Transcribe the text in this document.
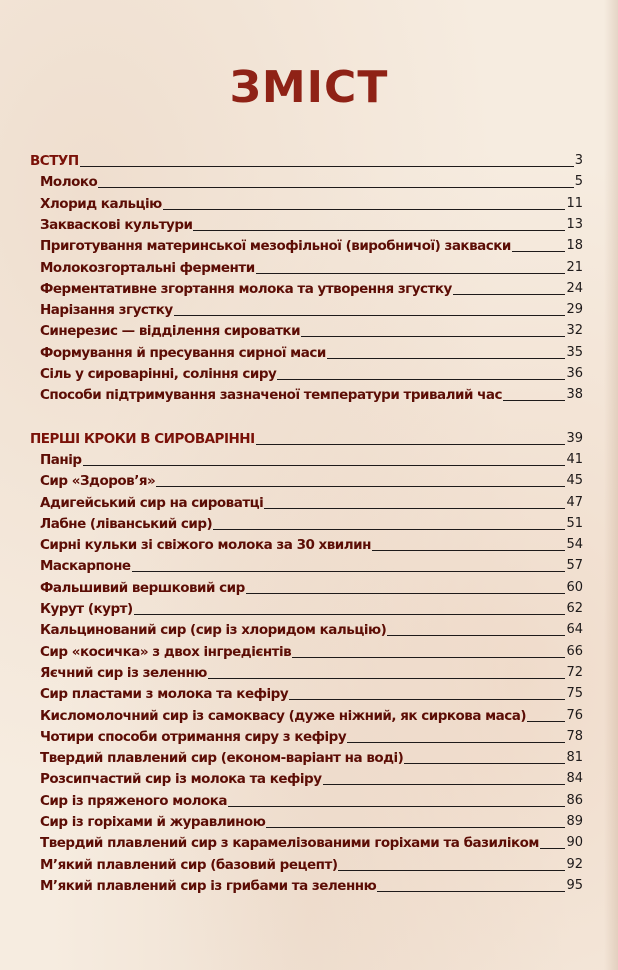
ЗМІСТ
ВСТУП	3
Молоко	5
Хлорид кальцію	11
Заквасковi культури	13
Приготування материнської мезофільної (виробничої) закваски	18
Молокозгортальні ферменти	21
Ферментативне згортання молока та утворення згустку	24
Нарізання згустку	29
Синерезис — відділення сироватки	32
Формування й пресування сирної маси	35
Сіль у сироварінні, соління сиру	36
Способи підтримування зазначеної температури тривалий час	38
ПЕРШІ КРОКИ В СИРОВАРІННІ	39
Панір	41
Сир «Здоров’я»	45
Адигейський сир на сироватці	47
Лабне (ліванський сир)	51
Сирні кульки зі свіжого молока за 30 хвилин	54
Маскарпоне	57
Фальшивий вершковий сир	60
Курут (курт)	62
Кальцинований сир (сир із хлоридом кальцію)	64
Сир «косичка» з двох інгредієнтів	66
Яєчний сир із зеленню	72
Сир пластами з молока та кефіру	75
Кисломолочний сир із самоквасу (дуже ніжний, як сиркова маса)	76
Чотири способи отримання сиру з кефіру	78
Твердий плавлений сир (економ-варіант на воді)	81
Розсипчастий сир із молока та кефіру	84
Сир із пряженого молока	86
Сир із горіхами й журавлиною	89
Твердий плавлений сир з карамелізованими горіхами та базиліком 90
М’який плавлений сир (базовий рецепт)	92
М’який плавлений сир із грибами та зеленню	95
